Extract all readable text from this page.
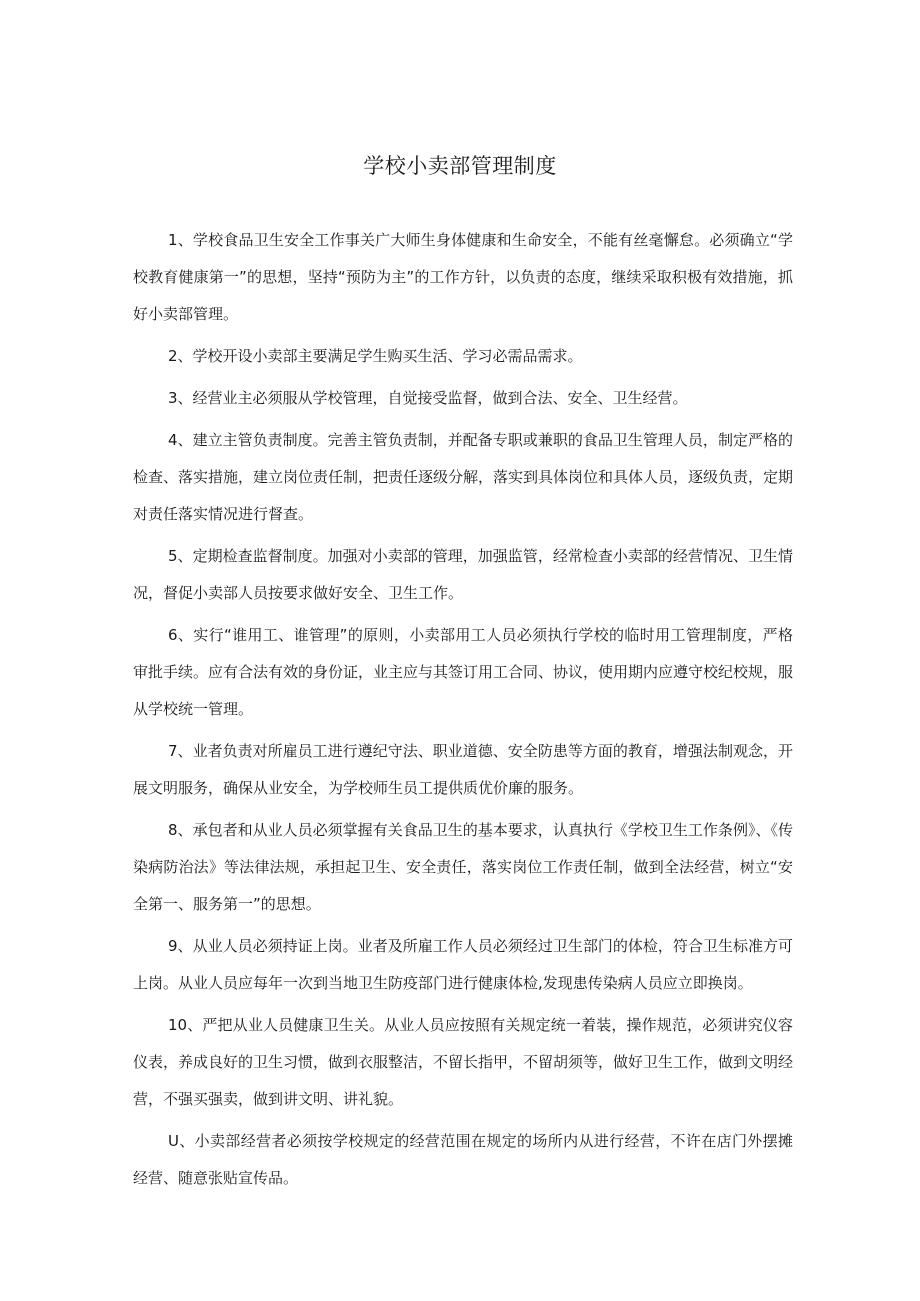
学校小卖部管理制度

1、学校食品卫生安全工作事关广大师生身体健康和生命安全，不能有丝毫懈怠。必须确立“学校教育健康第一”的思想，坚持“预防为主”的工作方针，以负责的态度，继续采取积极有效措施，抓好小卖部管理。

2、学校开设小卖部主要满足学生购买生活、学习必需品需求。

3、经营业主必须服从学校管理，自觉接受监督，做到合法、安全、卫生经营。

4、建立主管负责制度。完善主管负责制，并配备专职或兼职的食品卫生管理人员，制定严格的检查、落实措施，建立岗位责任制，把责任逐级分解，落实到具体岗位和具体人员，逐级负责，定期对责任落实情况进行督查。

5、定期检查监督制度。加强对小卖部的管理，加强监管，经常检查小卖部的经营情况、卫生情况，督促小卖部人员按要求做好安全、卫生工作。

6、实行“谁用工、谁管理”的原则，小卖部用工人员必须执行学校的临时用工管理制度，严格审批手续。应有合法有效的身份证，业主应与其签订用工合同、协议，使用期内应遵守校纪校规，服从学校统一管理。

7、业者负责对所雇员工进行遵纪守法、职业道德、安全防患等方面的教育，增强法制观念，开展文明服务，确保从业安全，为学校师生员工提供质优价廉的服务。

8、承包者和从业人员必须掌握有关食品卫生的基本要求，认真执行《学校卫生工作条例》、《传染病防治法》等法律法规，承担起卫生、安全责任，落实岗位工作责任制，做到全法经营，树立“安全第一、服务第一”的思想。

9、从业人员必须持证上岗。业者及所雇工作人员必须经过卫生部门的体检，符合卫生标准方可上岗。从业人员应每年一次到当地卫生防疫部门进行健康体检,发现患传染病人员应立即换岗。

10、严把从业人员健康卫生关。从业人员应按照有关规定统一着装，操作规范，必须讲究仪容仪表，养成良好的卫生习惯，做到衣服整洁，不留长指甲，不留胡须等，做好卫生工作，做到文明经营，不强买强卖，做到讲文明、讲礼貌。

U、小卖部经营者必须按学校规定的经营范围在规定的场所内从进行经营，不许在店门外摆摊经营、随意张贴宣传品。
